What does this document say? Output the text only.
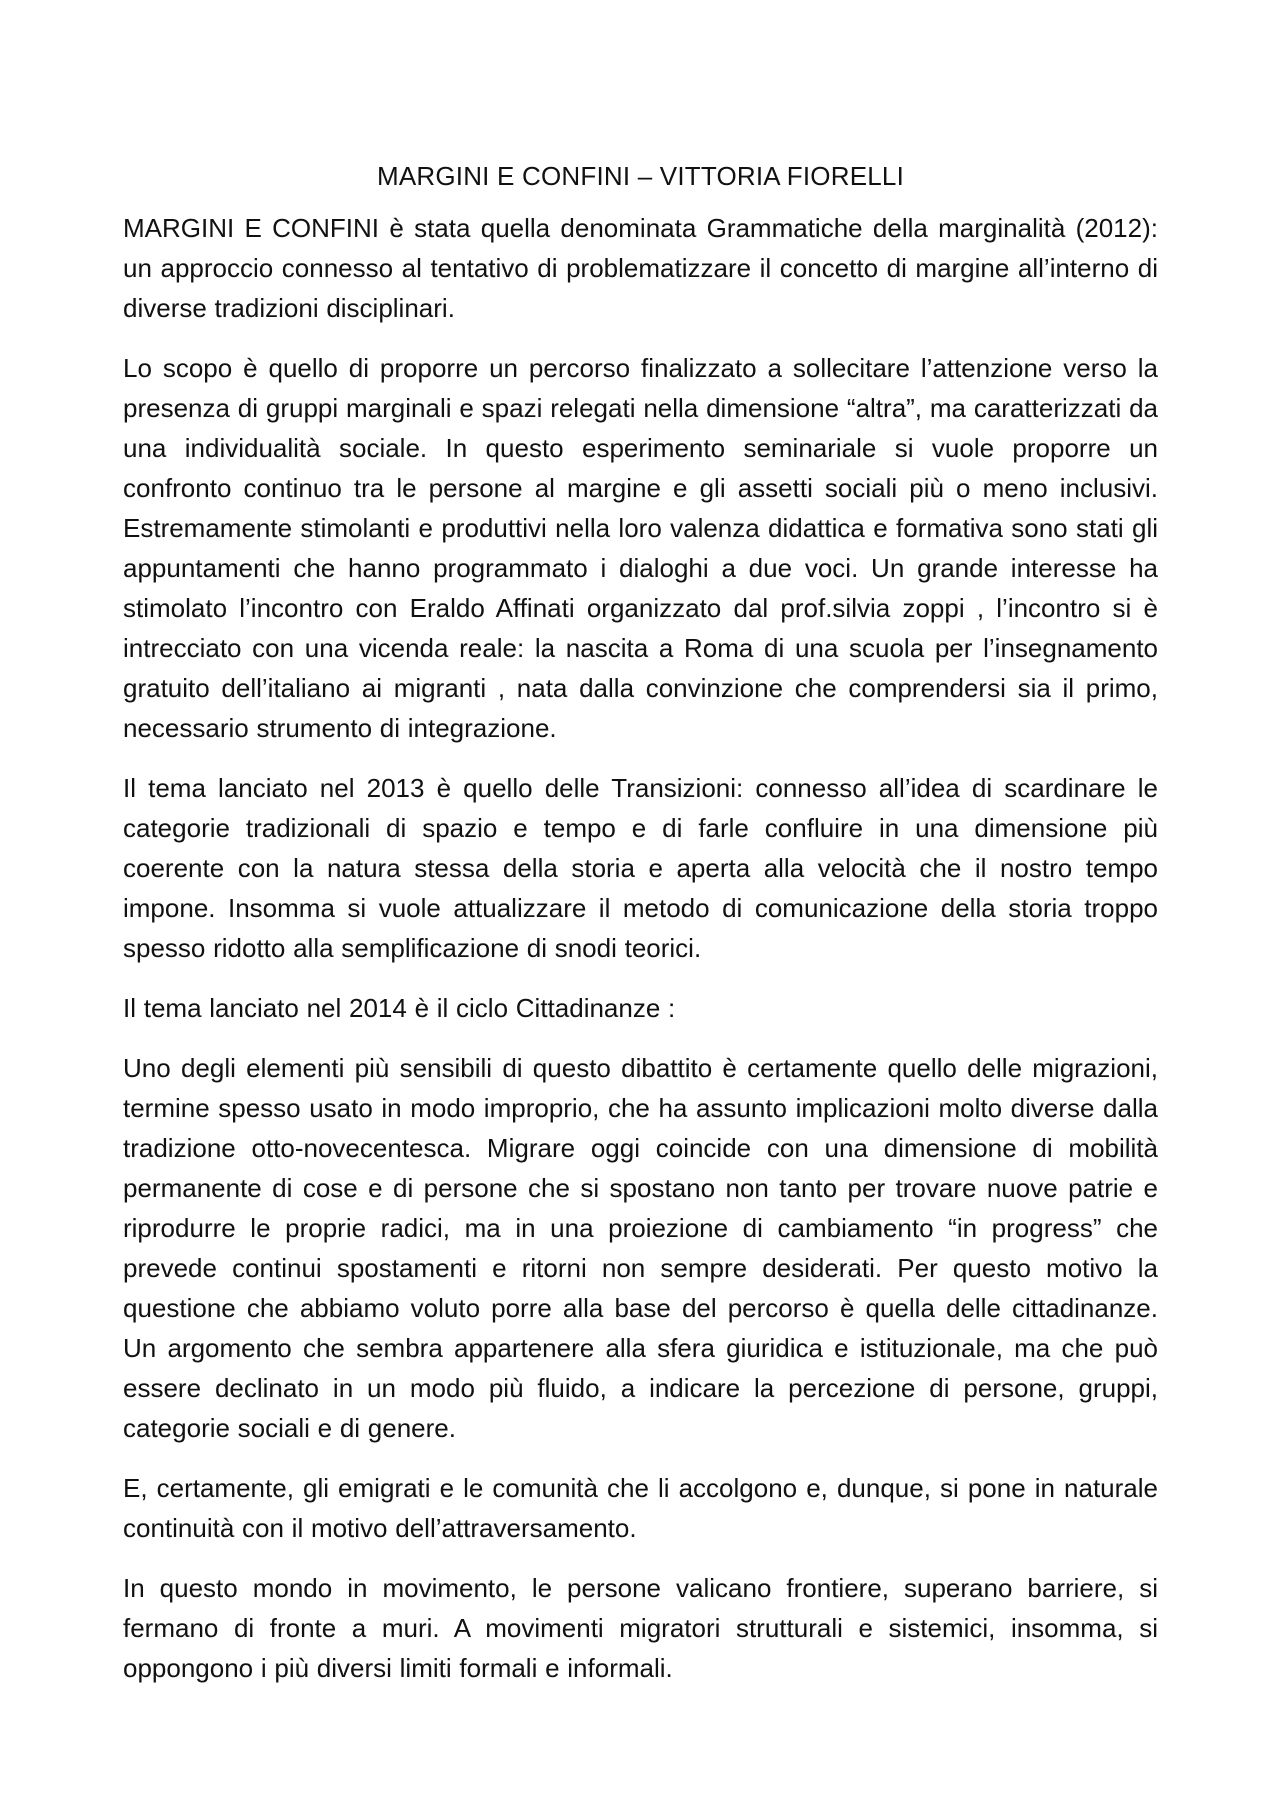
MARGINI E CONFINI – VITTORIA FIORELLI

MARGINI E CONFINI è stata quella denominata Grammatiche della marginalità (2012): un approccio connesso al tentativo di problematizzare il concetto di margine all’interno di diverse tradizioni disciplinari.

Lo scopo è quello di proporre un percorso finalizzato a sollecitare l’attenzione verso la presenza di gruppi marginali e spazi relegati nella dimensione “altra”, ma caratterizzati da una individualità sociale. In questo esperimento seminariale si vuole proporre un confronto continuo tra le persone al margine e gli assetti sociali più o meno inclusivi. Estremamente stimolanti e produttivi nella loro valenza didattica e formativa sono stati gli appuntamenti che hanno programmato i dialoghi a due voci. Un grande interesse ha stimolato l’incontro con Eraldo Affinati organizzato dal prof.silvia zoppi , l’incontro si è intrecciato con una vicenda reale: la nascita a Roma di una scuola per l’insegnamento gratuito dell’italiano ai migranti , nata dalla convinzione che comprendersi sia il primo, necessario strumento di integrazione.

Il tema lanciato nel 2013 è quello delle Transizioni: connesso all’idea di scardinare le categorie tradizionali di spazio e tempo e di farle confluire in una dimensione più coerente con la natura stessa della storia e aperta alla velocità che il nostro tempo impone. Insomma si vuole attualizzare il metodo di comunicazione della storia troppo spesso ridotto alla semplificazione di snodi teorici.

Il tema lanciato nel 2014 è il ciclo Cittadinanze :

Uno degli elementi più sensibili di questo dibattito è certamente quello delle migrazioni, termine spesso usato in modo improprio, che ha assunto implicazioni molto diverse dalla tradizione otto-novecentesca. Migrare oggi coincide con una dimensione di mobilità permanente di cose e di persone che si spostano non tanto per trovare nuove patrie e riprodurre le proprie radici, ma in una proiezione di cambiamento “in progress” che prevede continui spostamenti e ritorni non sempre desiderati. Per questo motivo la questione che abbiamo voluto porre alla base del percorso è quella delle cittadinanze. Un argomento che sembra appartenere alla sfera giuridica e istituzionale, ma che può essere declinato in un modo più fluido, a indicare la percezione di persone, gruppi, categorie sociali e di genere.

E, certamente, gli emigrati e le comunità che li accolgono e, dunque, si pone in naturale continuità con il motivo dell’attraversamento.

In questo mondo in movimento, le persone valicano frontiere, superano barriere, si fermano di fronte a muri. A movimenti migratori strutturali e sistemici, insomma, si oppongono i più diversi limiti formali e informali.
